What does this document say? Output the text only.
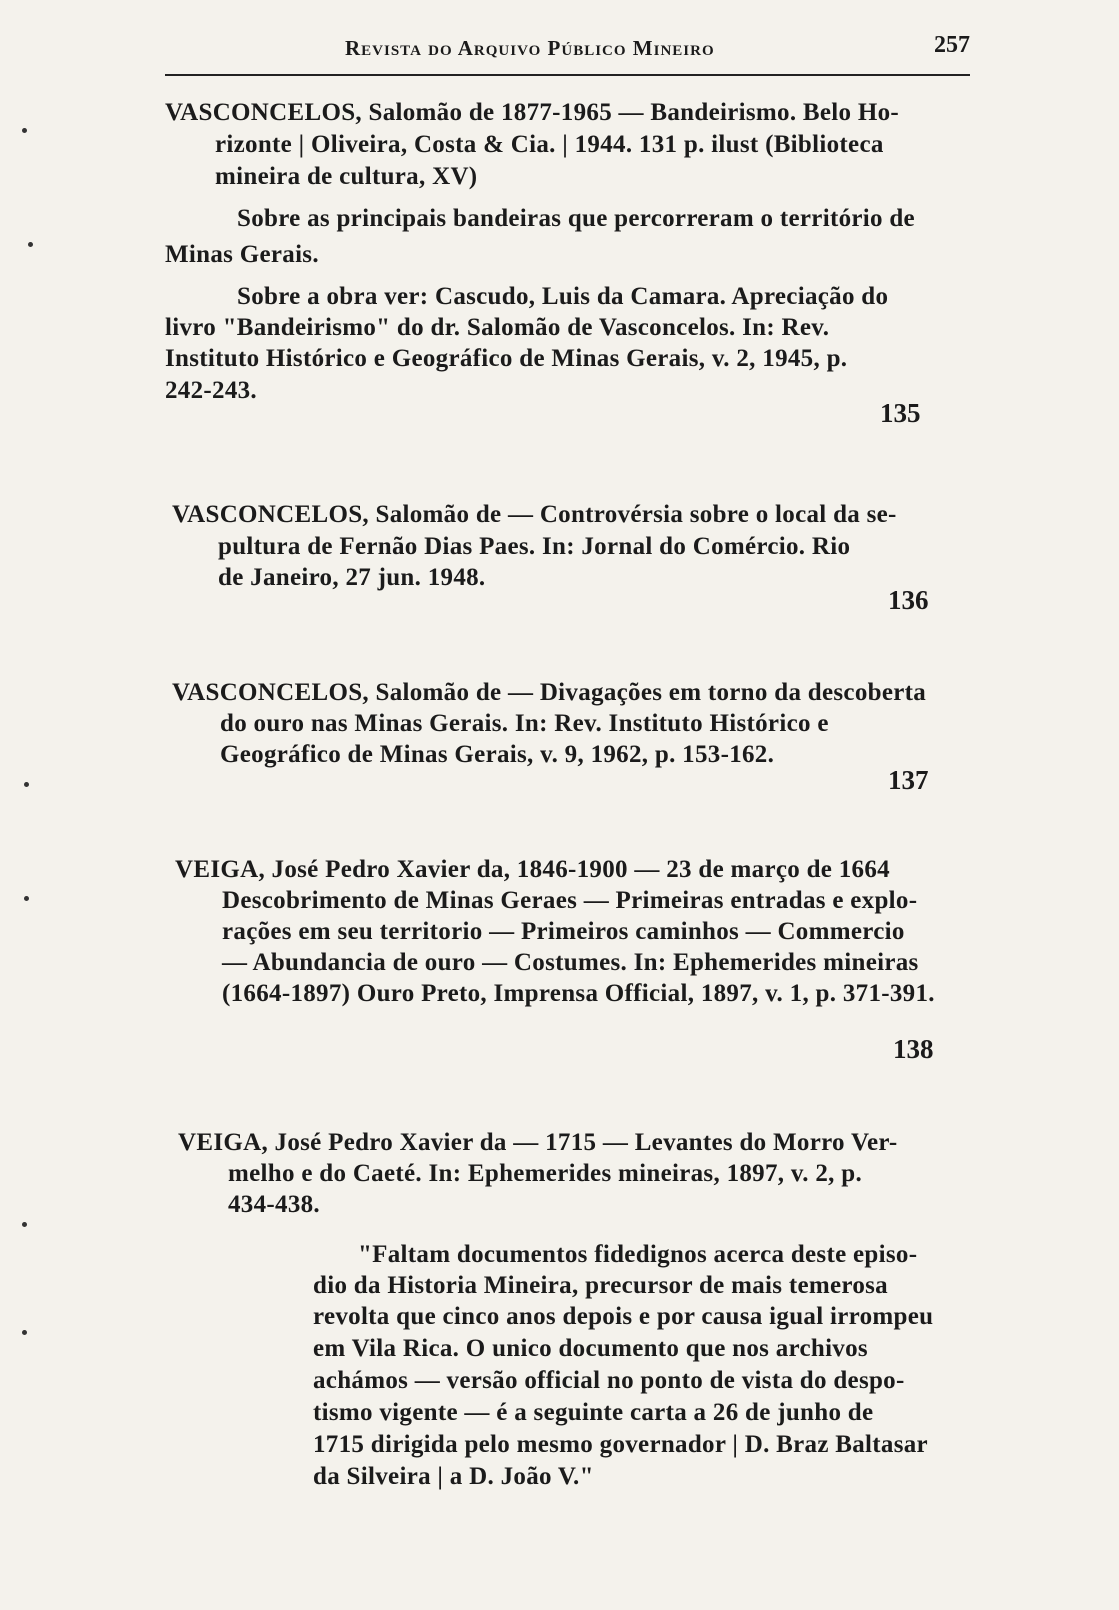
Revista do Arquivo Público Mineiro	257
VASCONCELOS, Salomão de 1877-1965 — Bandeirismo. Belo Ho-
rizonte | Oliveira, Costa & Cia. | 1944. 131 p. ilust (Biblioteca
mineira de cultura, XV)
Sobre as principais bandeiras que percorreram o território de
Minas Gerais.
Sobre a obra ver: Cascudo, Luis da Camara. Apreciação do
livro "Bandeirismo" do dr. Salomão de Vasconcelos. In: Rev.
Instituto Histórico e Geográfico de Minas Gerais, v. 2, 1945, p.
242-243.
135
VASCONCELOS, Salomão de — Controvérsia sobre o local da se-
pultura de Fernão Dias Paes. In: Jornal do Comércio. Rio
de Janeiro, 27 jun. 1948.
136
VASCONCELOS, Salomão de — Divagações em torno da descoberta
do ouro nas Minas Gerais. In: Rev. Instituto Histórico e
Geográfico de Minas Gerais, v. 9, 1962, p. 153-162.
137
VEIGA, José Pedro Xavier da, 1846-1900 — 23 de março de 1664
Descobrimento de Minas Geraes — Primeiras entradas e explo-
rações em seu territorio — Primeiros caminhos — Commercio
— Abundancia de ouro — Costumes. In: Ephemerides mineiras
(1664-1897) Ouro Preto, Imprensa Official, 1897, v. 1, p. 371-391.
138
VEIGA, José Pedro Xavier da — 1715 — Levantes do Morro Ver-
melho e do Caeté. In: Ephemerides mineiras, 1897, v. 2, p.
434-438.
"Faltam documentos fidedignos acerca deste episo-
dio da Historia Mineira, precursor de mais temerosa
revolta que cinco anos depois e por causa igual irrompeu
em Vila Rica. O unico documento que nos archivos
achámos — versão official no ponto de vista do despo-
tismo vigente — é a seguinte carta a 26 de junho de
1715 dirigida pelo mesmo governador | D. Braz Baltasar
da Silveira | a D. João V."
